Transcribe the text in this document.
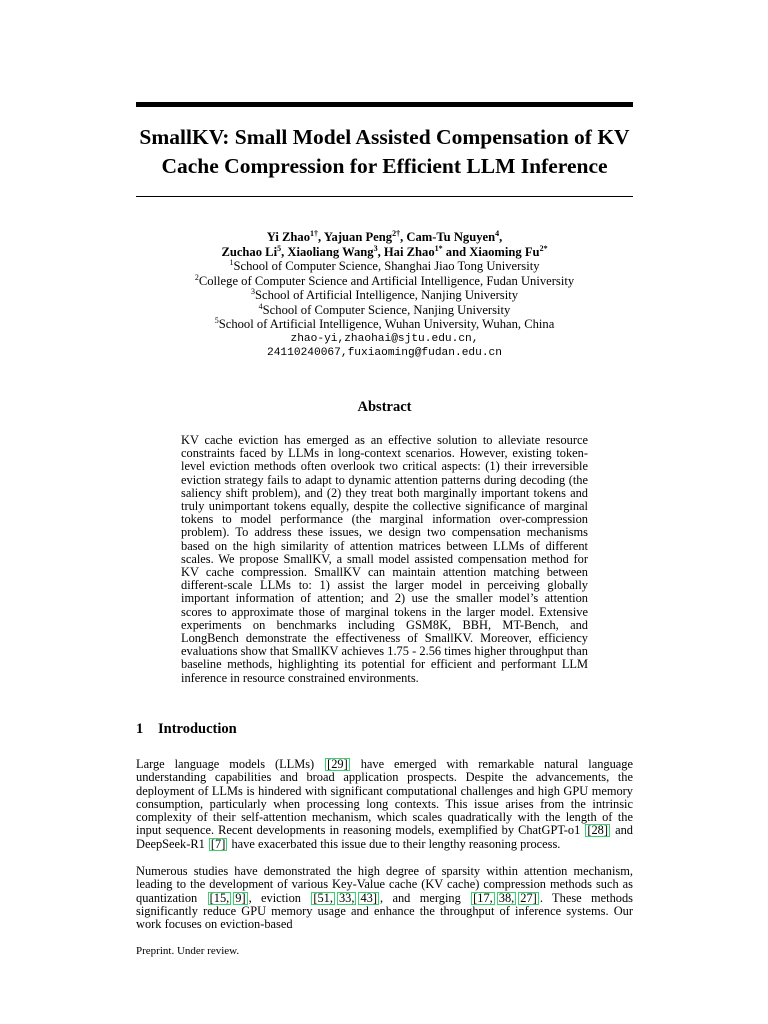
SmallKV: Small Model Assisted Compensation of KV
Cache Compression for Efficient LLM Inference
Yi Zhao$^{1\dagger}$, Yajuan Peng$^{2\dagger}$, Cam-Tu Nguyen$^4$,
Zuchao Li$^5$, Xiaoliang Wang$^3$, Hai Zhao$^{1*}$ and Xiaoming $Fu^{2*}$
$^1$School of Computer Science, Shanghai Jiao Tong University
$^2$College of Computer Science and Artificial Intelligence, Fudan University
$^3$School of Artificial Intelligence, Nanjing University
$^4$School of Computer Science, Nanjing University
$^5$School of Artificial Intelligence, Wuhan University, Wuhan, China
zhao-yi,zhaohai@sjtu.edu.cn,
24110240067,fuxiaoming@fudan.edu.cn
Abstract
KV cache eviction has emerged as an effective solution to alleviate resource constraints faced by LLMs in long-context scenarios. However, existing token-level eviction methods often overlook two critical aspects: (1) their irreversible eviction strategy fails to adapt to dynamic attention patterns during decoding (the saliency shift problem), and (2) they treat both marginally important tokens and truly unimportant tokens equally, despite the collective significance of marginal tokens to model performance (the marginal information over-compression problem). To address these issues, we design two compensation mechanisms based on the high similarity of attention matrices between LLMs of different scales. We propose SmallKV, a small model assisted compensation method for KV cache compression. SmallKV can maintain attention matching between different-scale LLMs to: 1) assist the larger model in perceiving globally important information of attention; and 2) use the smaller model’s attention scores to approximate those of marginal tokens in the larger model. Extensive experiments on benchmarks including GSM8K, BBH, MT-Bench, and LongBench demonstrate the effectiveness of SmallKV. Moreover, efficiency evaluations show that SmallKV achieves 1.75 - 2.56 times higher throughput than baseline methods, highlighting its potential for efficient and performant LLM inference in resource constrained environments.
1 Introduction
Large language models (LLMs) [29] have emerged with remarkable natural language understanding capabilities and broad application prospects. Despite the advancements, the deployment of LLMs is hindered with significant computational challenges and high GPU memory consumption, particularly when processing long contexts. This issue arises from the intrinsic complexity of their self-attention mechanism, which scales quadratically with the length of the input sequence. Recent developments in reasoning models, exemplified by ChatGPT-o1 [28] and DeepSeek-R1 [7] have exacerbated this issue due to their lengthy reasoning process.
Numerous studies have demonstrated the high degree of sparsity within attention mechanism, leading to the development of various Key-Value cache (KV cache) compression methods such as quantization [15, 9] , eviction [51, 33, 43] , and merging [17, 38, 27] . These methods significantly reduce GPU memory usage and enhance the throughput of inference systems. Our work focuses on eviction-based
Preprint. Under review.
